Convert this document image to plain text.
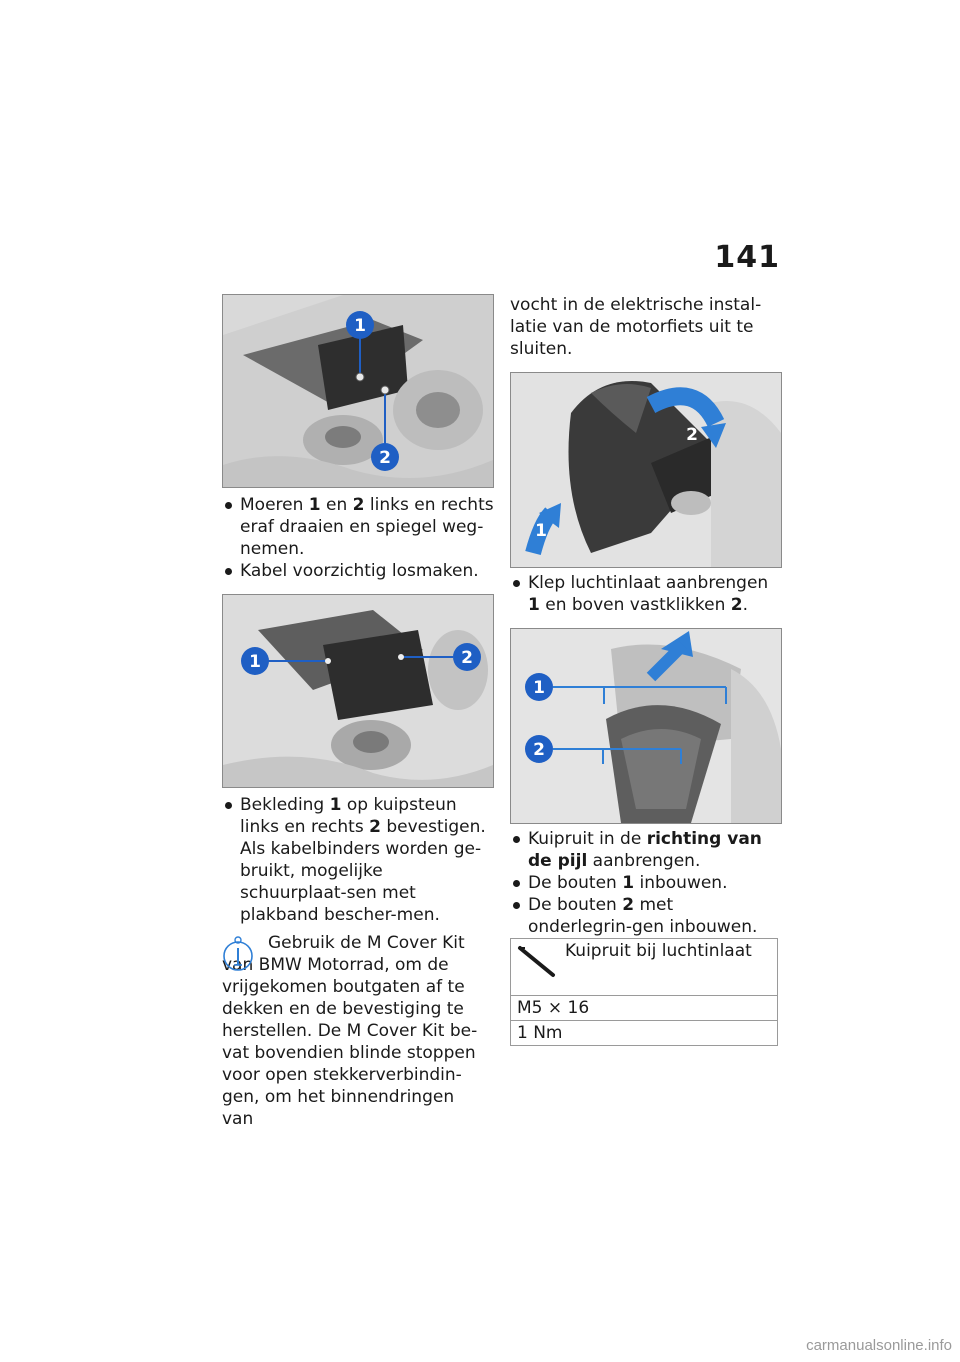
141
1
2
Moeren 1 en 2 links en rechts eraf draaien en spiegel weg-nemen.
Kabel voorzichtig losmaken.
1	2
Bekleding 1 op kuipsteun links en rechts 2 bevestigen. Als kabelbinders worden ge-bruikt, mogelijke schuurplaat-sen met plakband bescher-men.

Gebruik de M Cover Kit van BMW Motorrad, om de vrijgekomen boutgaten af te dekken en de bevestiging te herstellen. De M Cover Kit be-vat bovendien blinde stoppen voor open stekkerverbindin-gen, om het binnendringen van

vocht in de elektrische instal-latie van de motorfiets uit te sluiten.

2
1
Klep luchtinlaat aanbrengen 1 en boven vastklikken 2.
1
2
Kuipruit in de richting van de pijl aanbrengen.
De bouten 1 inbouwen.
De bouten 2 met onderlegrin-gen inbouwen.
Kuipruit bij luchtinlaat
M5 × 16
1 Nm
carmanualsonline.info
